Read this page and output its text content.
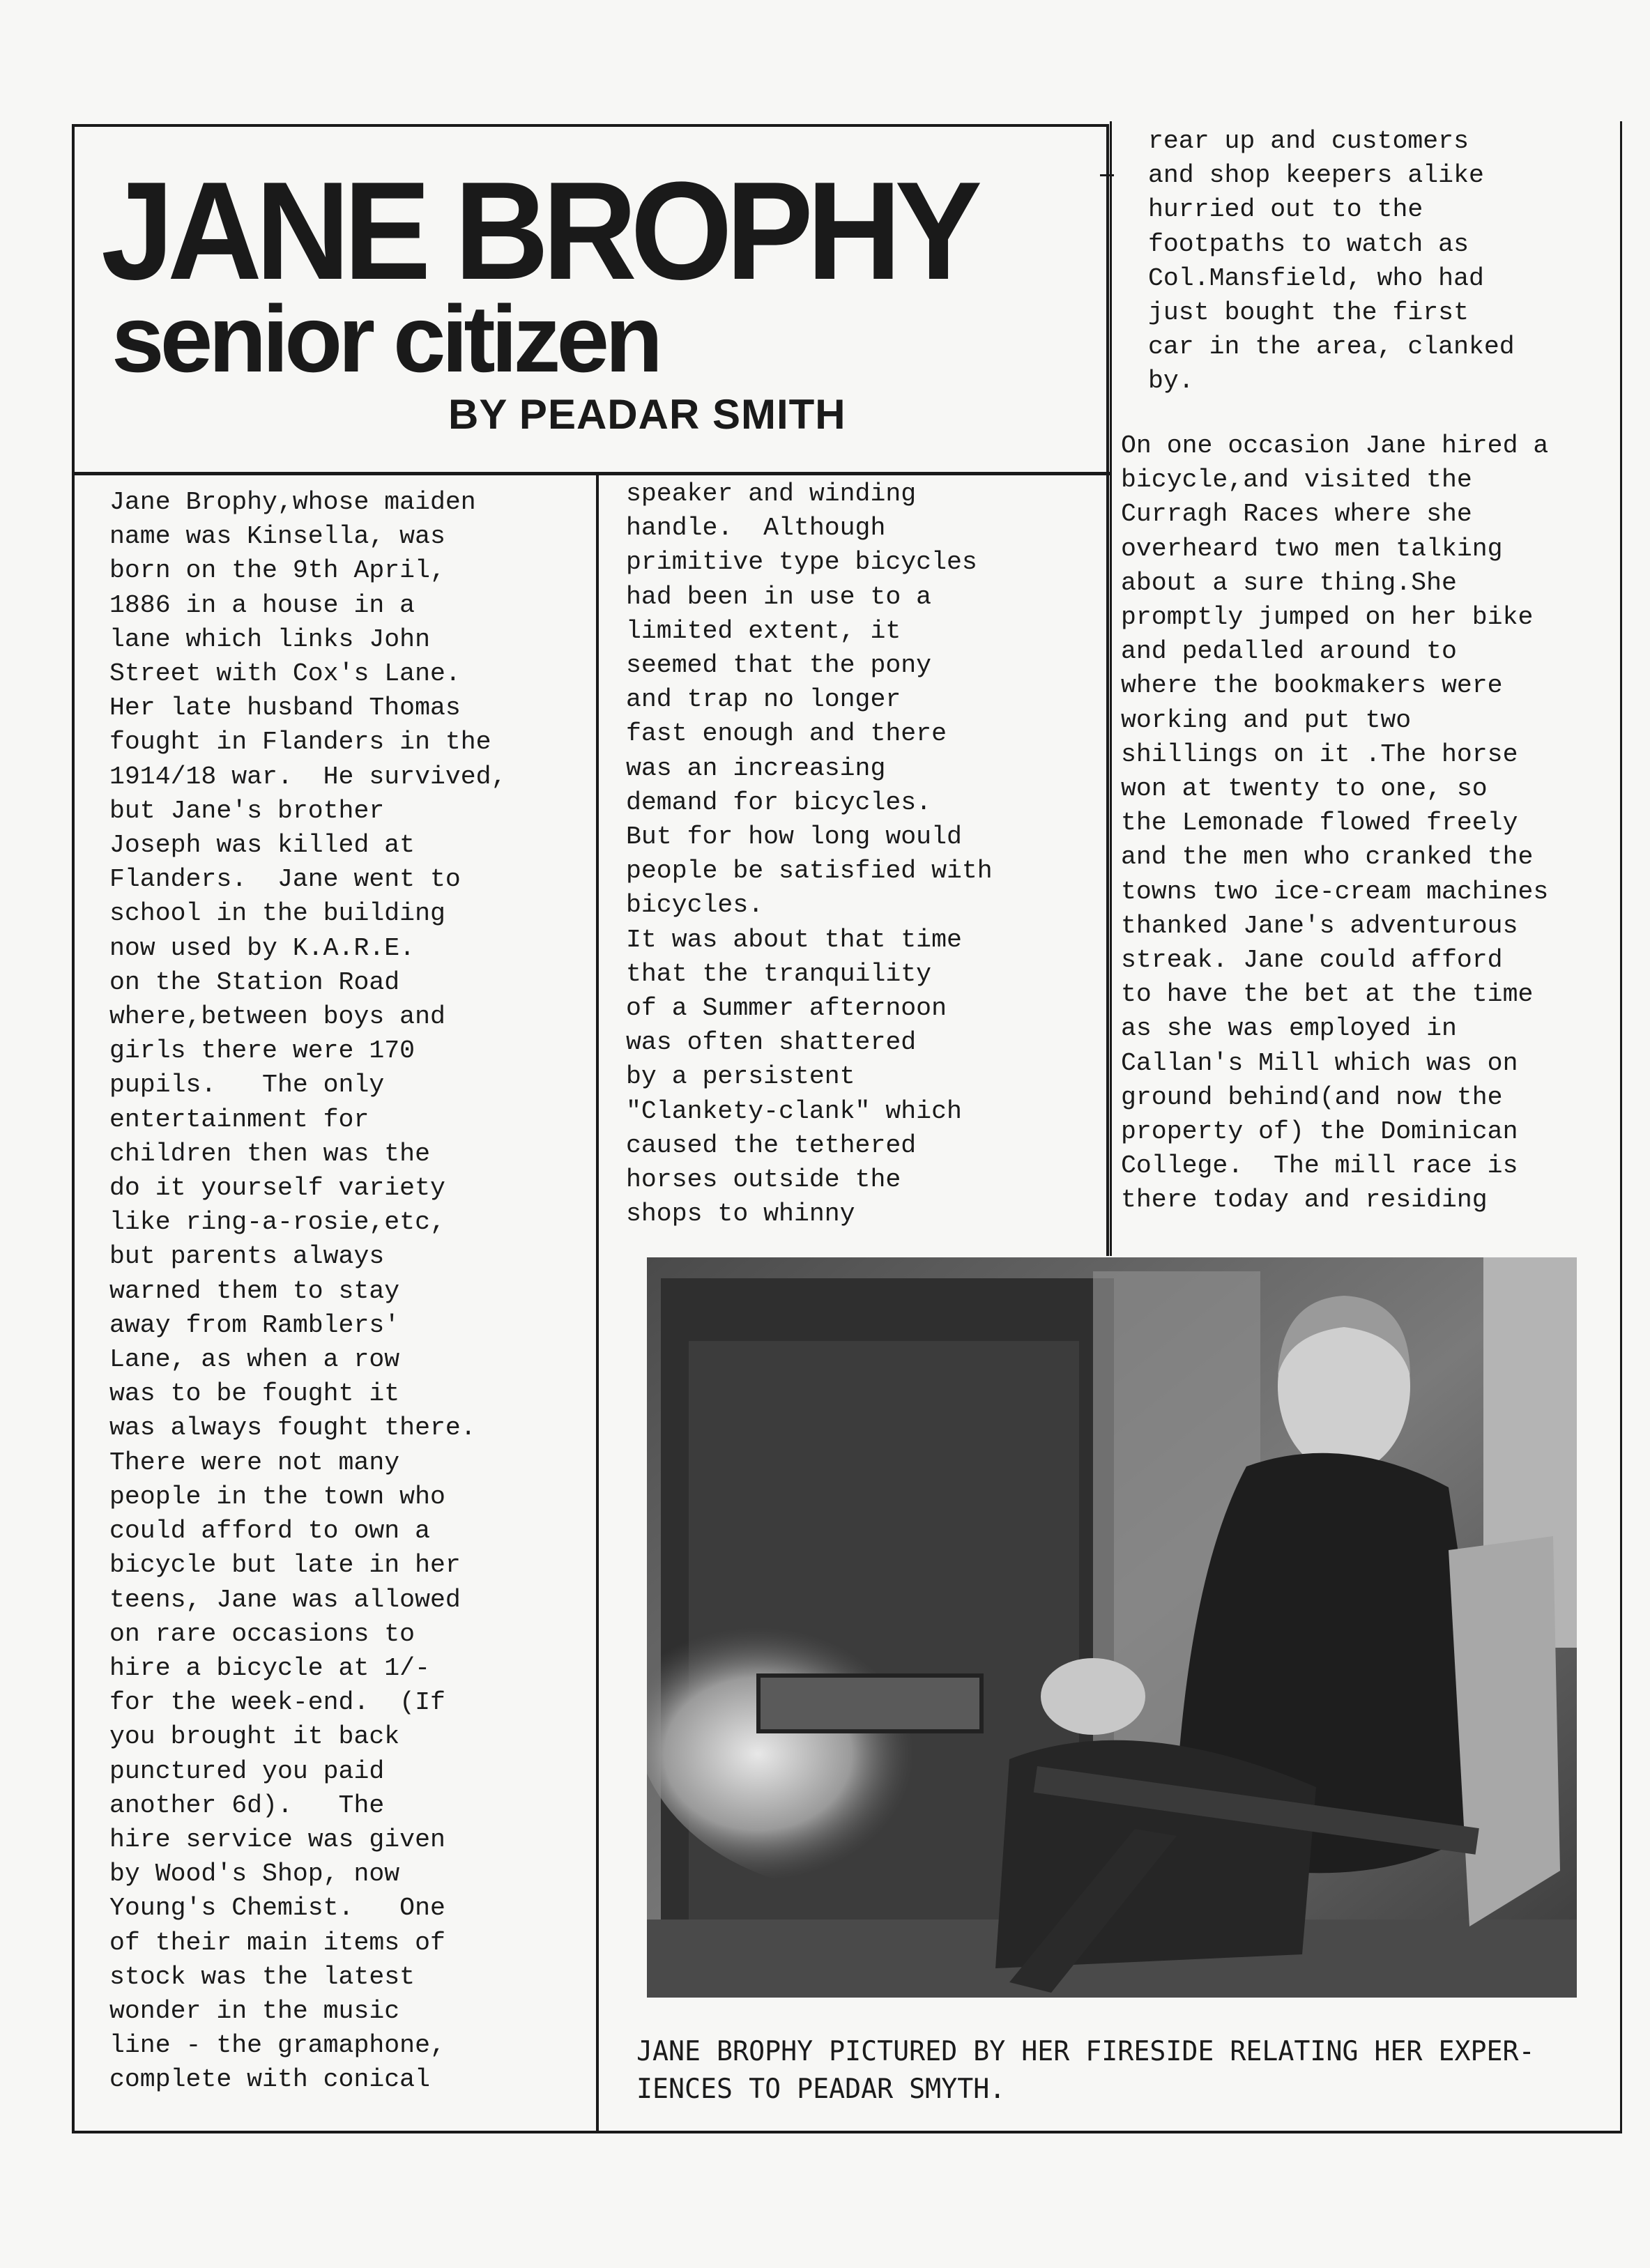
JANE BROPHY
senior citizen

BY PEADAR SMITH

Jane Brophy,whose maiden
name was Kinsella, was
born on the 9th April,
1886 in a house in a
lane which links John
Street with Cox's Lane.
Her late husband Thomas
fought in Flanders in the
1914/18 war.  He survived,
but Jane's brother
Joseph was killed at
Flanders.  Jane went to
school in the building
now used by K.A.R.E.
on the Station Road
where,between boys and
girls there were 170
pupils.   The only
entertainment for
children then was the
do it yourself variety
like ring-a-rosie,etc,
but parents always
warned them to stay
away from Ramblers'
Lane, as when a row
was to be fought it
was always fought there.
There were not many
people in the town who
could afford to own a
bicycle but late in her
teens, Jane was allowed
on rare occasions to
hire a bicycle at 1/-
for the week-end.  (If
you brought it back
punctured you paid
another 6d).   The
hire service was given
by Wood's Shop, now
Young's Chemist.   One
of their main items of
stock was the latest
wonder in the music
line - the gramaphone,
complete with conical
speaker and winding
handle.  Although
primitive type bicycles
had been in use to a
limited extent, it
seemed that the pony
and trap no longer
fast enough and there
was an increasing
demand for bicycles.
But for how long would
people be satisfied with
bicycles.
It was about that time
that the tranquility
of a Summer afternoon
was often shattered
by a persistent
"Clankety-clank" which
caused the tethered
horses outside the
shops to whinny
rear up and customers
and shop keepers alike
hurried out to the
footpaths to watch as
Col.Mansfield, who had
just bought the first
car in the area, clanked
by.
On one occasion Jane hired a
bicycle,and visited the
Curragh Races where she
overheard two men talking
about a sure thing.She
promptly jumped on her bike
and pedalled around to
where the bookmakers were
working and put two
shillings on it .The horse
won at twenty to one, so
the Lemonade flowed freely
and the men who cranked the
towns two ice-cream machines
thanked Jane's adventurous
streak. Jane could afford
to have the bet at the time
as she was employed in
Callan's Mill which was on
ground behind(and now the
property of) the Dominican
College.  The mill race is
there today and residing
JANE BROPHY PICTURED BY HER FIRESIDE RELATING HER EXPER-
IENCES TO PEADAR SMYTH.
